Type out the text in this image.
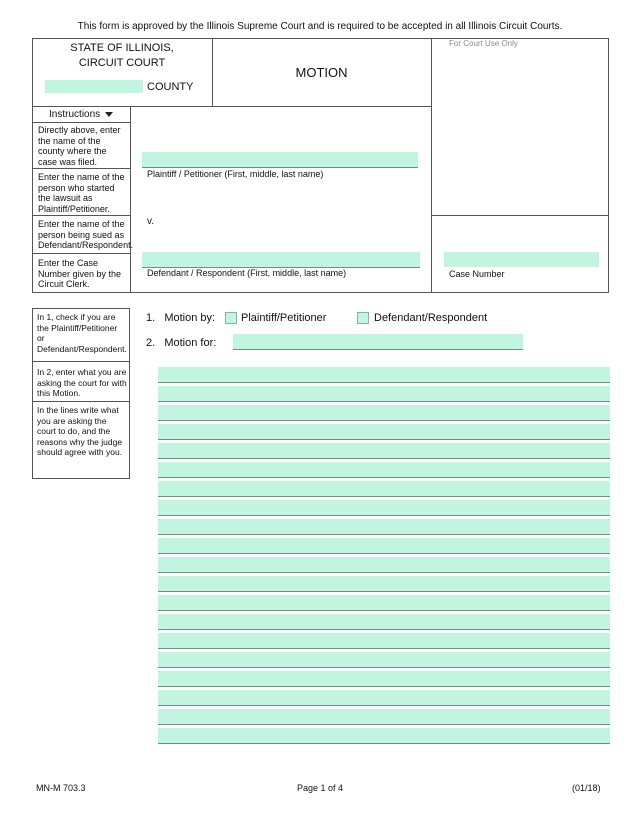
This form is approved by the Illinois Supreme Court and is required to be accepted in all Illinois Circuit Courts.
STATE OF ILLINOIS,
CIRCUIT COURT
COUNTY
MOTION
For Court Use Only
Instructions
Directly above, enter the name of the county where the case was filed.
Enter the name of the person who started the lawsuit as Plaintiff/Petitioner.
Enter the name of the person being sued as Defendant/Respondent.
Enter the Case Number given by the Circuit Clerk.
Plaintiff / Petitioner (First, middle, last name)
v.
Defendant / Respondent (First, middle, last name)	Case Number
In 1, check if you are the Plaintiff/Petitioner or Defendant/Respondent.
In 2, enter what you are asking the court for with this Motion.
In the lines write what you are asking the court to do, and the reasons why the judge should agree with you.
1.   Motion by: Plaintiff/Petitioner	Defendant/Respondent
2.   Motion for:
MN-M 703.3	Page 1 of 4	(01/18)
